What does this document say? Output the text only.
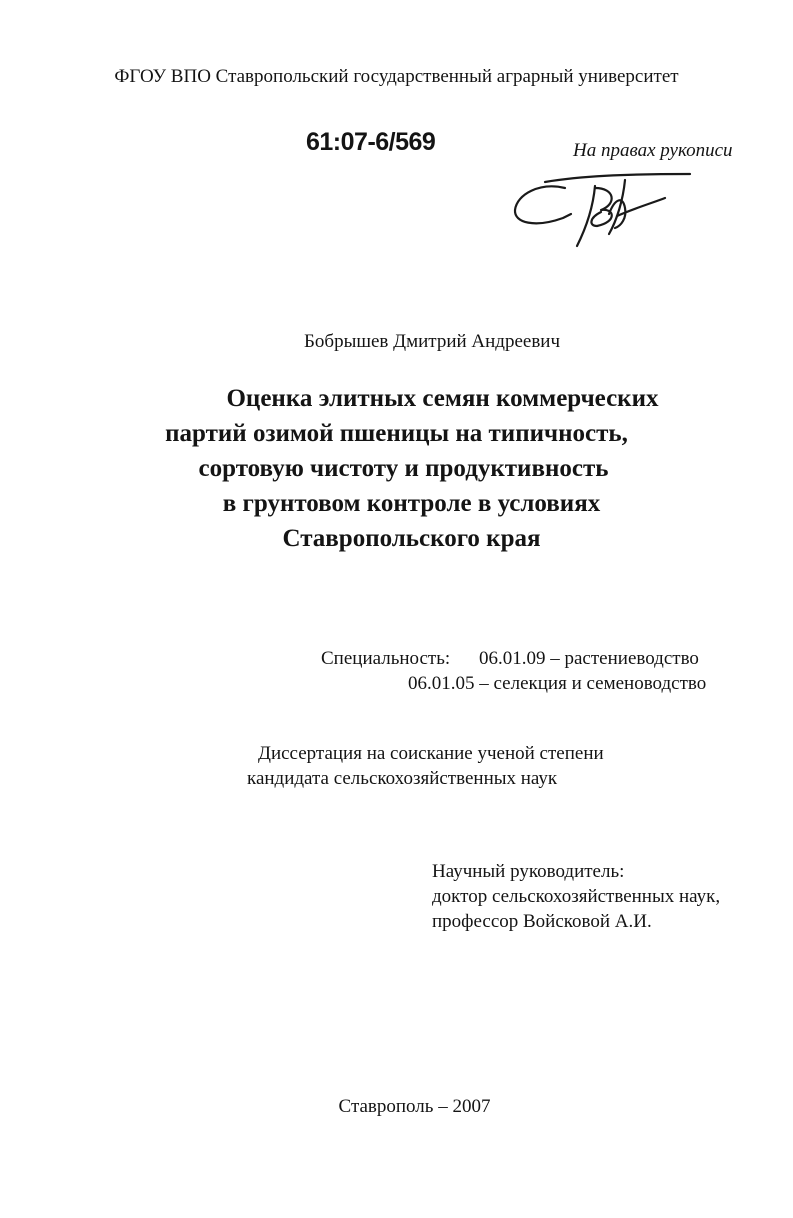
ФГОУ ВПО Ставропольский государственный аграрный университет
61:07-6/569	На правах рукописи
Бобрышев Дмитрий Андреевич
Оценка элитных семян коммерческих
партий озимой пшеницы на типичность,
сортовую чистоту и продуктивность
в грунтовом контроле в условиях
Ставропольского края
Специальность: 06.01.09 – растениеводство
06.01.05 – селекция и семеноводство
Диссертация на соискание ученой степени
кандидата сельскохозяйственных наук
Научный руководитель:
доктор сельскохозяйственных наук,
профессор Войсковой А.И.
Ставрополь – 2007
